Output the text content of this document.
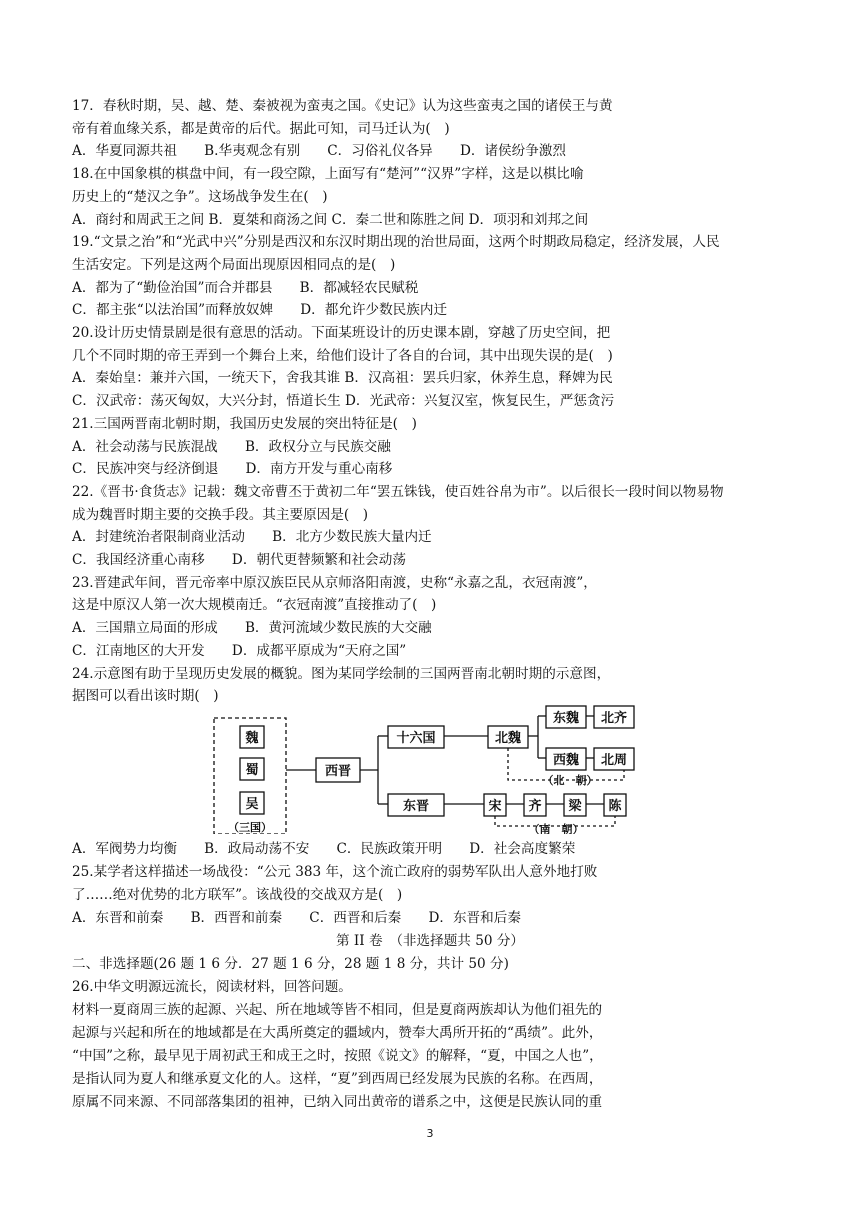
17．春秋时期，吴、越、楚、秦被视为蛮夷之国。《史记》认为这些蛮夷之国的诸侯王与黄
帝有着血缘关系，都是黄帝的后代。据此可知，司马迁认为(　)
A．华夏同源共祖　　B.华夷观念有别　　C．习俗礼仪各异　　D．诸侯纷争激烈
18.在中国象棋的棋盘中间，有一段空隙，上面写有“楚河”“汉界”字样，这是以棋比喻
历史上的“楚汉之争”。这场战争发生在(　)
A．商纣和周武王之间 B．夏桀和商汤之间 C．秦二世和陈胜之间 D．项羽和刘邦之间
19.“文景之治”和“光武中兴”分别是西汉和东汉时期出现的治世局面，这两个时期政局稳定，经济发展，人民
生活安定。下列是这两个局面出现原因相同点的是(　)
A．都为了“勤俭治国”而合并郡县　　B．都减轻农民赋税
C．都主张“以法治国”而释放奴婢　　D．都允许少数民族内迁
20.设计历史情景剧是很有意思的活动。下面某班设计的历史课本剧，穿越了历史空间，把
几个不同时期的帝王弄到一个舞台上来，给他们设计了各自的台词，其中出现失误的是(　)
A．秦始皇：兼并六国，一统天下，舍我其谁 B．汉高祖：罢兵归家，休养生息，释婢为民
C．汉武帝：荡灭匈奴，大兴分封，悟道长生 D．光武帝：兴复汉室，恢复民生，严惩贪污
21.三国两晋南北朝时期，我国历史发展的突出特征是(　)
A．社会动荡与民族混战　　B．政权分立与民族交融
C．民族冲突与经济倒退　　D．南方开发与重心南移
22.《晋书·食货志》记载：魏文帝曹丕于黄初二年“罢五铢钱，使百姓谷帛为市”。以后很长一段时间以物易物
成为魏晋时期主要的交换手段。其主要原因是(　)
A．封建统治者限制商业活动　　B．北方少数民族大量内迁
C．我国经济重心南移　　D．朝代更替频繁和社会动荡
23.晋建武年间，晋元帝率中原汉族臣民从京师洛阳南渡，史称“永嘉之乱，衣冠南渡”，
这是中原汉人第一次大规模南迁。“衣冠南渡”直接推动了(　)
A．三国鼎立局面的形成　　B．黄河流域少数民族的大交融
C．江南地区的大开发　　D．成都平原成为“天府之国”
24.示意图有助于呈现历史发展的概貌。图为某同学绘制的三国两晋南北朝时期的示意图，
据图可以看出该时期(　)
魏
蜀
吴
（三国）
西晋
十六国	北魏
东魏 北齐
西魏 北周
（北　朝）
东晋	宋 齐 梁 陈
（南　朝）
A．军阀势力均衡　　B．政局动荡不安　　C．民族政策开明　　D．社会高度繁荣
25.某学者这样描述一场战役：“公元 383 年，这个流亡政府的弱势军队出人意外地打败
了……绝对优势的北方联军”。该战役的交战双方是(　)
A．东晋和前秦　　B．西晋和前秦　　C．西晋和后秦　　D．东晋和后秦
第 II 卷　（非选择题共 50 分）
二、非选择题(26 题 1 6 分．27 题 1 6 分，28 题 1 8 分，共计 50 分)
26.中华文明源远流长，阅读材料，回答问题。
材料一夏商周三族的起源、兴起、所在地域等皆不相同，但是夏商两族却认为他们祖先的
起源与兴起和所在的地域都是在大禹所奠定的疆域内，赞奉大禹所开拓的“禹绩”。此外，
“中国”之称，最早见于周初武王和成王之时，按照《说文》的解释，“夏，中国之人也”，
是指认同为夏人和继承夏文化的人。这样，“夏”到西周已经发展为民族的名称。在西周，
原属不同来源、不同部落集团的祖神，已纳入同出黄帝的谱系之中，这便是民族认同的重
3
